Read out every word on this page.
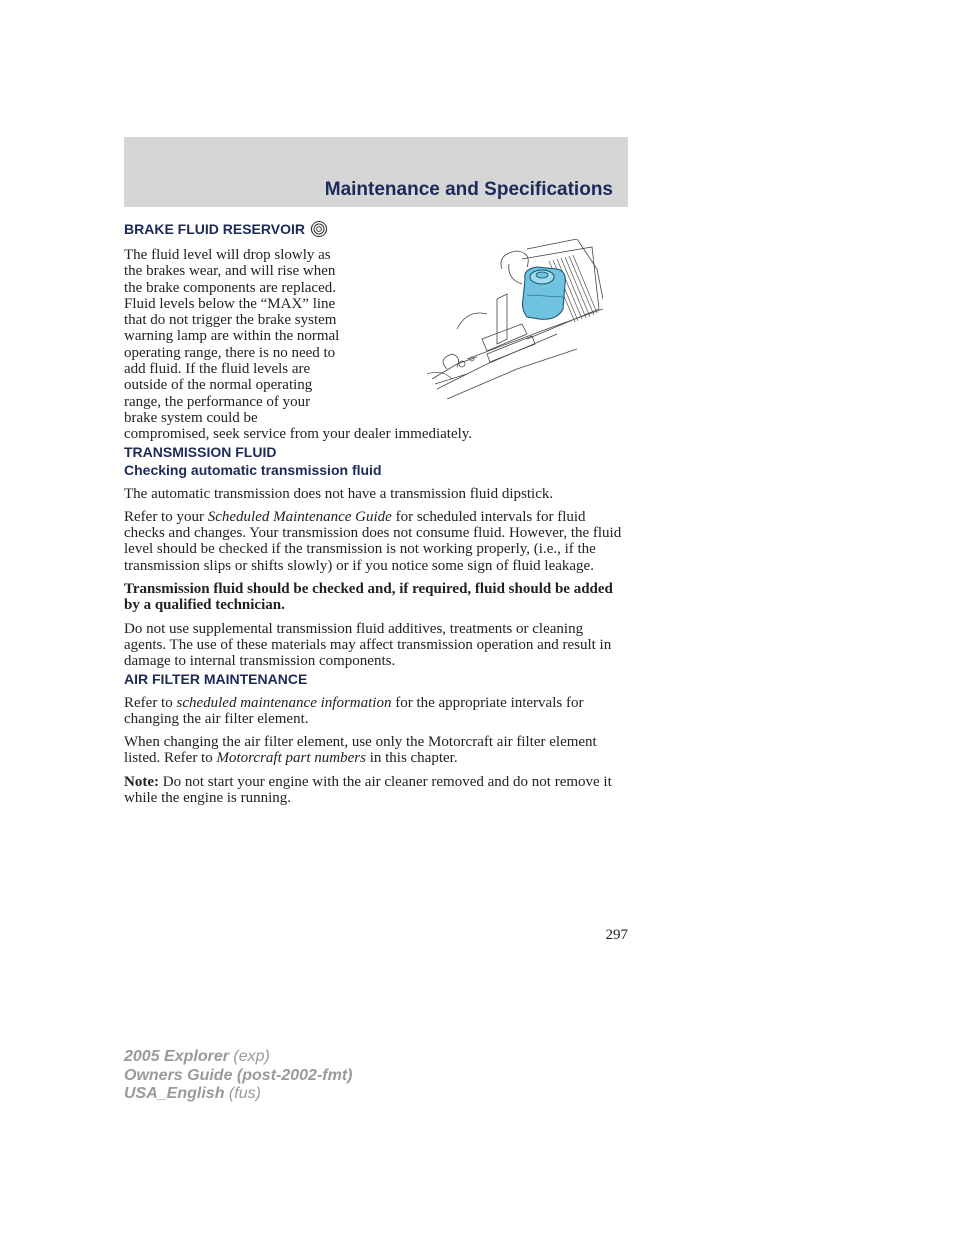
Maintenance and Specifications
BRAKE FLUID RESERVOIR
The fluid level will drop slowly as
the brakes wear, and will rise when
the brake components are replaced.
Fluid levels below the “MAX” line
that do not trigger the brake system
warning lamp are within the normal
operating range, there is no need to
add fluid. If the fluid levels are
outside of the normal operating
range, the performance of your
brake system could be
compromised, seek service from your dealer immediately.
TRANSMISSION FLUID
Checking automatic transmission fluid

The automatic transmission does not have a transmission fluid dipstick.

Refer to your Scheduled Maintenance Guide for scheduled intervals for fluid checks and changes. Your transmission does not consume fluid. However, the fluid level should be checked if the transmission is not working properly, (i.e., if the transmission slips or shifts slowly) or if you notice some sign of fluid leakage.

Transmission fluid should be checked and, if required, fluid should be added by a qualified technician.

Do not use supplemental transmission fluid additives, treatments or cleaning agents. The use of these materials may affect transmission operation and result in damage to internal transmission components.

AIR FILTER MAINTENANCE

Refer to scheduled maintenance information for the appropriate intervals for changing the air filter element.

When changing the air filter element, use only the Motorcraft air filter element listed. Refer to Motorcraft part numbers in this chapter.

Note: Do not start your engine with the air cleaner removed and do not remove it while the engine is running.

297
2005 Explorer (exp)
Owners Guide (post-2002-fmt)
USA_English (fus)
